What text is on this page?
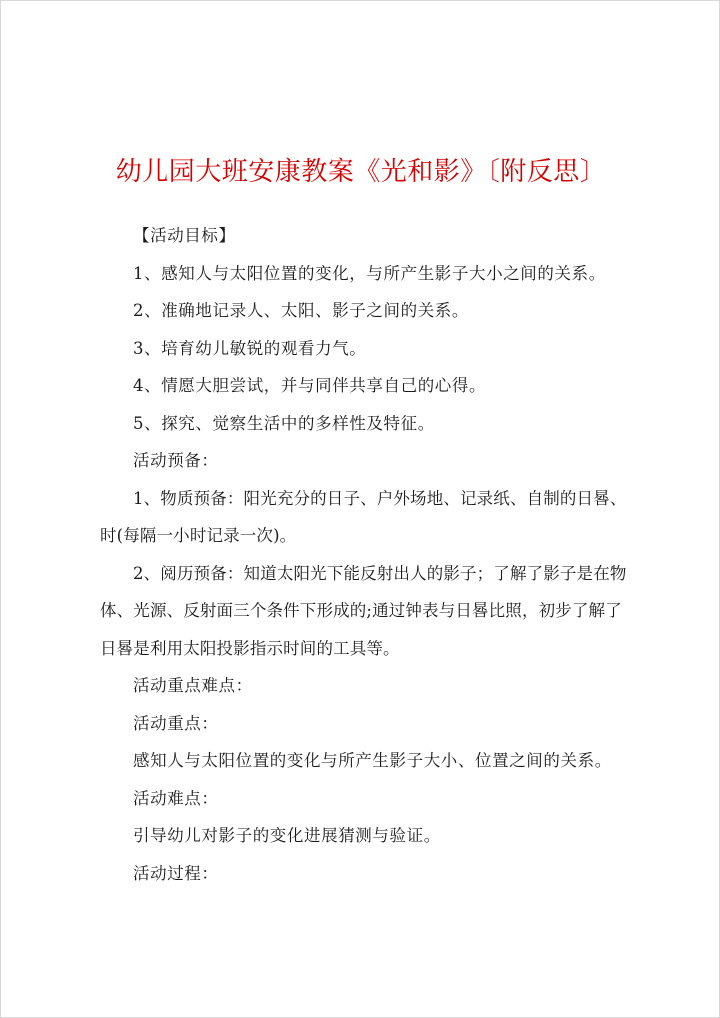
幼儿园大班安康教案《光和影》〔附反思〕

【活动目标】

1、感知人与太阳位置的变化，与所产生影子大小之间的关系。

2、准确地记录人、太阳、影子之间的关系。

3、培育幼儿敏锐的观看力气。

4、情愿大胆尝试，并与同伴共享自己的心得。

5、探究、觉察生活中的多样性及特征。

活动预备：

1、物质预备：阳光充分的日子、户外场地、记录纸、自制的日晷、时(每隔一小时记录一次)。

2、阅历预备：知道太阳光下能反射出人的影子；了解了影子是在物体、光源、反射面三个条件下形成的;通过钟表与日晷比照，初步了解了日晷是利用太阳投影指示时间的工具等。

活动重点难点：

活动重点：

感知人与太阳位置的变化与所产生影子大小、位置之间的关系。

活动难点：

引导幼儿对影子的变化进展猜测与验证。

活动过程：
